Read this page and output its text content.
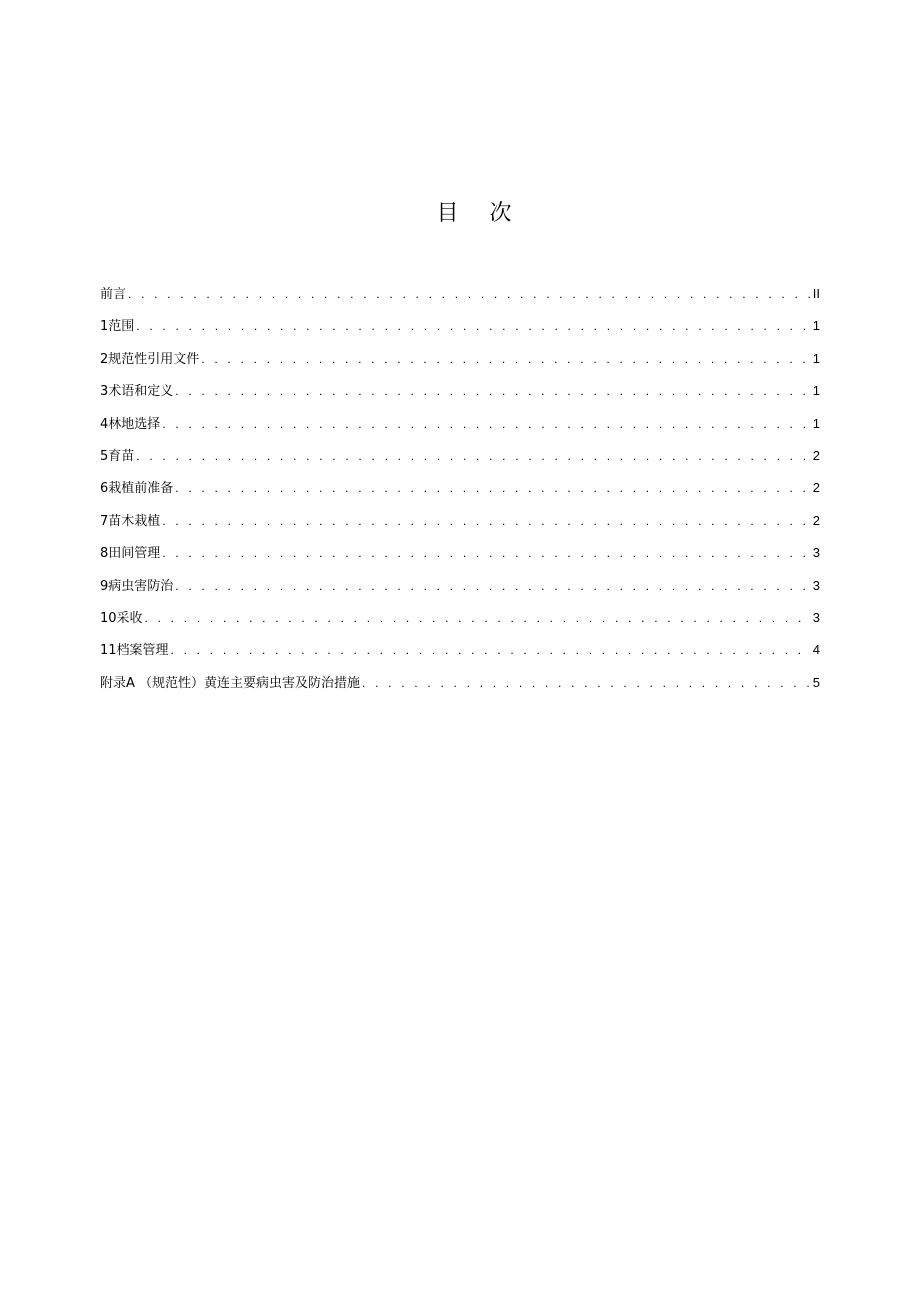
目 次
前言 . . .	II
1范围 . . .	1
2规范性引用文件 . . .	1
3术语和定义 . . .	1
4林地选择 . . .	1
5育苗 . . .	2
6栽植前准备 . . .	2
7苗木栽植 . . .	2
8田间管理 . . .	3
9病虫害防治 . . .	3
10采收 . . .	3
11档案管理 . . .	4
附录A （规范性）黄连主要病虫害及防治措施 . . .	5
